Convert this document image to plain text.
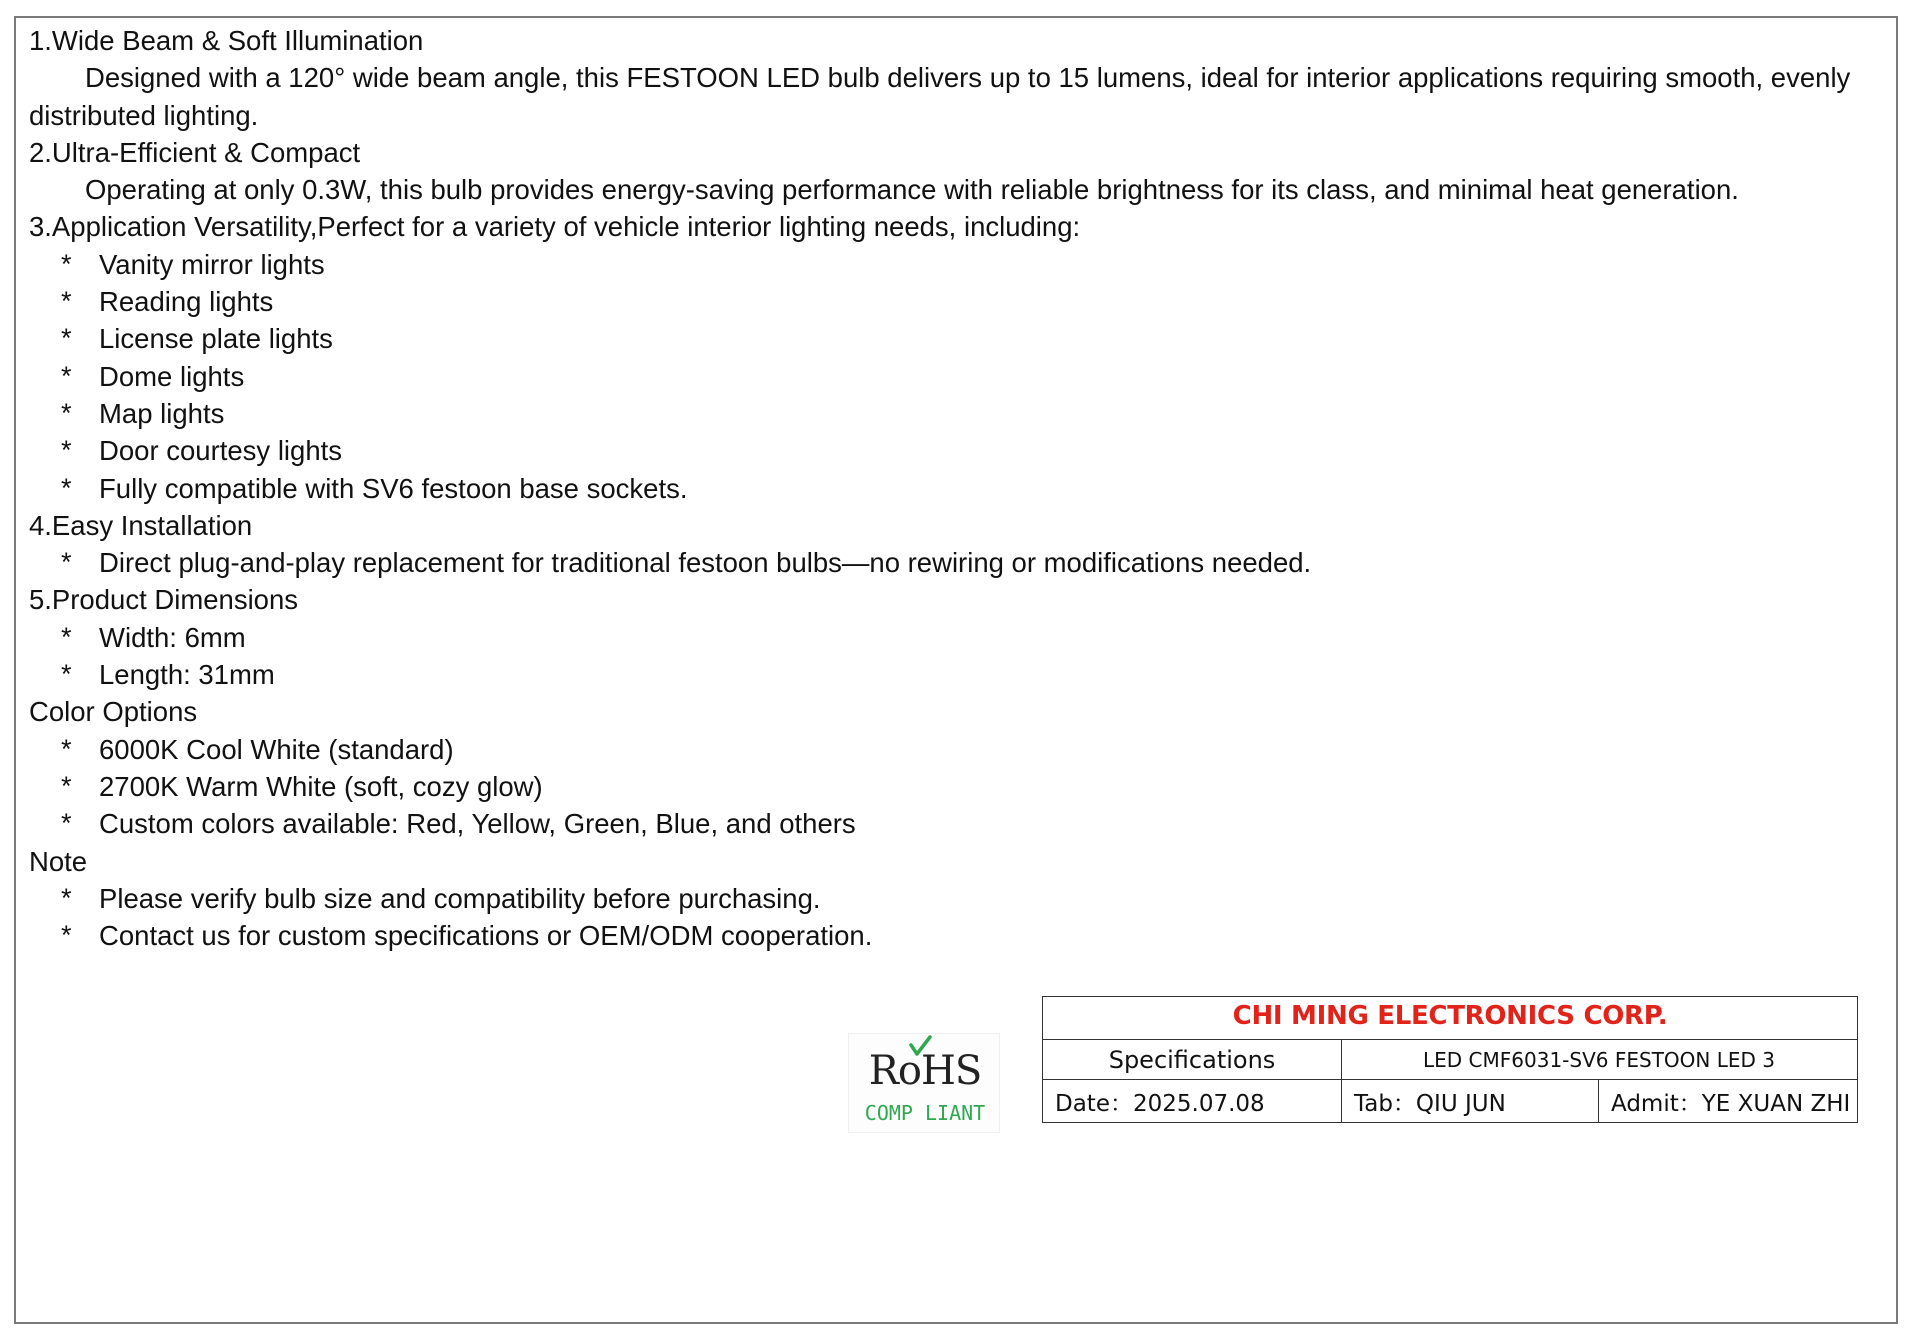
1.Wide Beam & Soft Illumination
Designed with a 120° wide beam angle, this FESTOON LED bulb delivers up to 15 lumens, ideal for interior applications requiring smooth, evenly distributed lighting.
2.Ultra-Efficient & Compact
Operating at only 0.3W, this bulb provides energy-saving performance with reliable brightness for its class, and minimal heat generation.
3.Application Versatility,Perfect for a variety of vehicle interior lighting needs, including:
* Vanity mirror lights
* Reading lights
* License plate lights
* Dome lights
* Map lights
* Door courtesy lights
* Fully compatible with SV6 festoon base sockets.
4.Easy Installation
* Direct plug-and-play replacement for traditional festoon bulbs—no rewiring or modifications needed.
5.Product Dimensions
* Width: 6mm
* Length: 31mm
Color Options
* 6000K Cool White (standard)
* 2700K Warm White (soft, cozy glow)
* Custom colors available: Red, Yellow, Green, Blue, and others
Note
* Please verify bulb size and compatibility before purchasing.
* Contact us for custom specifications or OEM/ODM cooperation.
RoHS
COMP LIANT
CHI MING ELECTRONICS CORP.
Specifications	LED CMF6031-SV6 FESTOON LED 3
Date：2025.07.08	Tab：QIU JUN	Admit：YE XUAN ZHI
